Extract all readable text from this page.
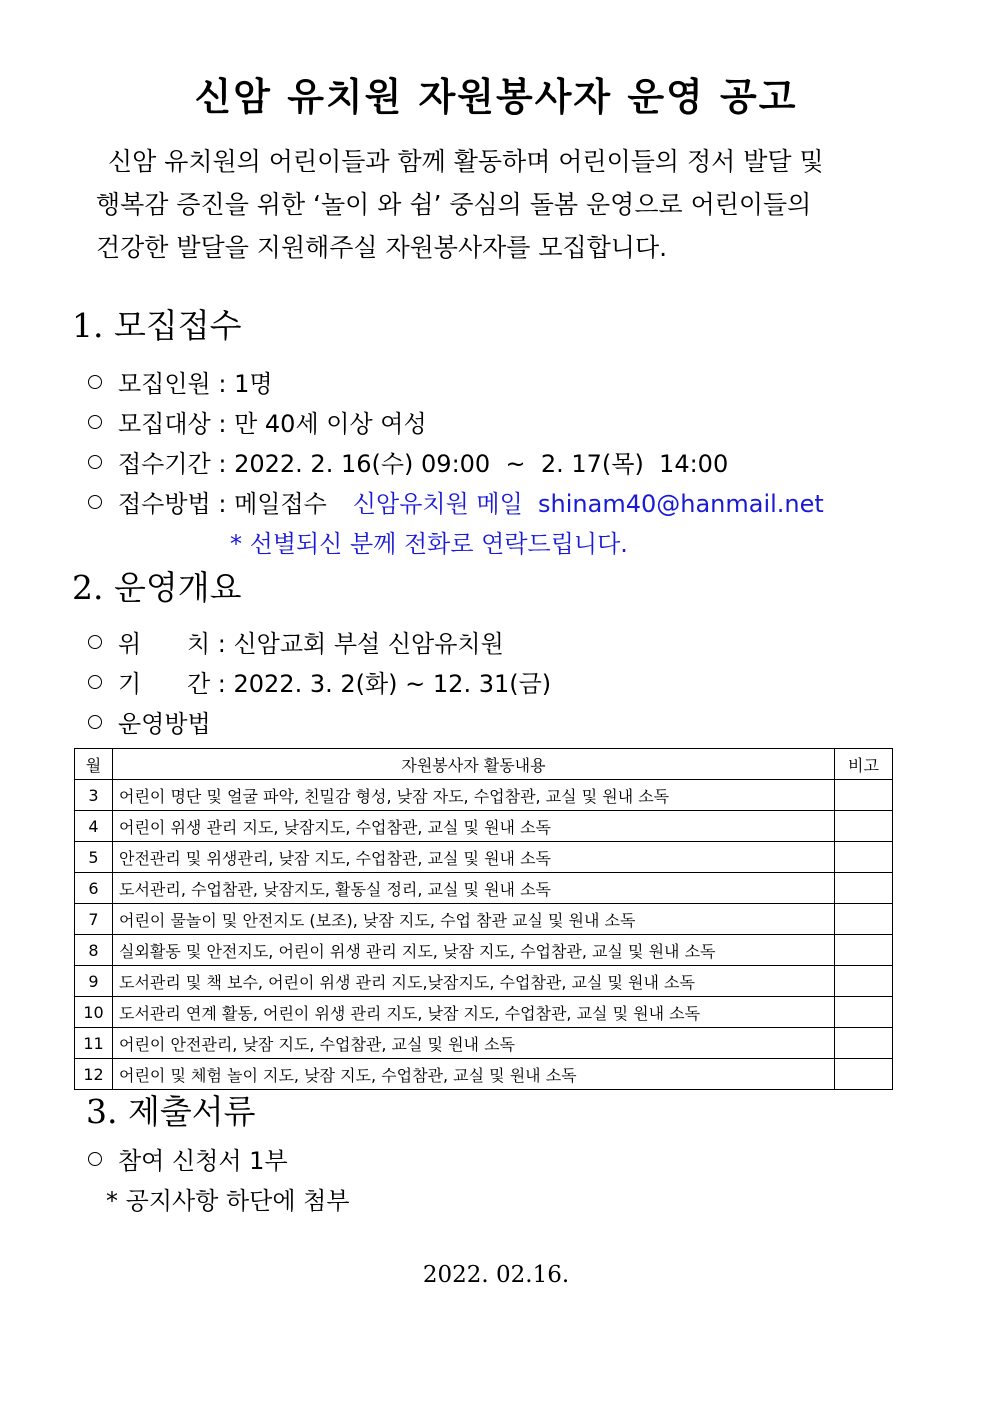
신암 유치원 자원봉사자 운영 공고
신암 유치원의 어린이들과 함께 활동하며 어린이들의 정서 발달 및
행복감 증진을 위한 ‘놀이 와 쉼’ 중심의 돌봄 운영으로 어린이들의
건강한 발달을 지원해주실 자원봉사자를 모집합니다.
1. 모집접수
모집인원 : 1명
모집대상 : 만 40세 이상 여성
접수기간 : 2022. 2. 16(수) 09:00  ~  2. 17(목)  14:00
접수방법 : 메일접수 신암유치원 메일  shinam40@hanmail.net
* 선별되신 분께 전화로 연락드립니다.
2. 운영개요
위      치 : 신암교회 부설 신암유치원
기      간 : 2022. 3. 2(화) ~ 12. 31(금)
운영방법
월	자원봉사자 활동내용	비고
3	어린이 명단 및 얼굴 파악, 친밀감 형성, 낮잠 자도, 수업참관, 교실 및 원내 소독	
4	어린이 위생 관리 지도, 낮잠지도, 수업참관, 교실 및 원내 소독	
5	안전관리 및 위생관리, 낮잠 지도, 수업참관, 교실 및 원내 소독	
6	도서관리, 수업참관, 낮잠지도, 활동실 정리, 교실 및 원내 소독	
7	어린이 물놀이 및 안전지도 (보조), 낮잠 지도, 수업 참관 교실 및 원내 소독	
8	실외활동 및 안전지도, 어린이 위생 관리 지도, 낮잠 지도, 수업참관, 교실 및 원내 소독	
9	도서관리 및 책 보수, 어린이 위생 관리 지도,낮잠지도, 수업참관, 교실 및 원내 소독	
10	도서관리 연계 활동, 어린이 위생 관리 지도, 낮잠 지도, 수업참관, 교실 및 원내 소독	
11	어린이 안전관리, 낮잠 지도, 수업참관, 교실 및 원내 소독	
12	어린이 및 체험 놀이 지도, 낮잠 지도, 수업참관, 교실 및 원내 소독	
3. 제출서류
참여 신청서 1부
* 공지사항 하단에 첨부
2022. 02.16.
